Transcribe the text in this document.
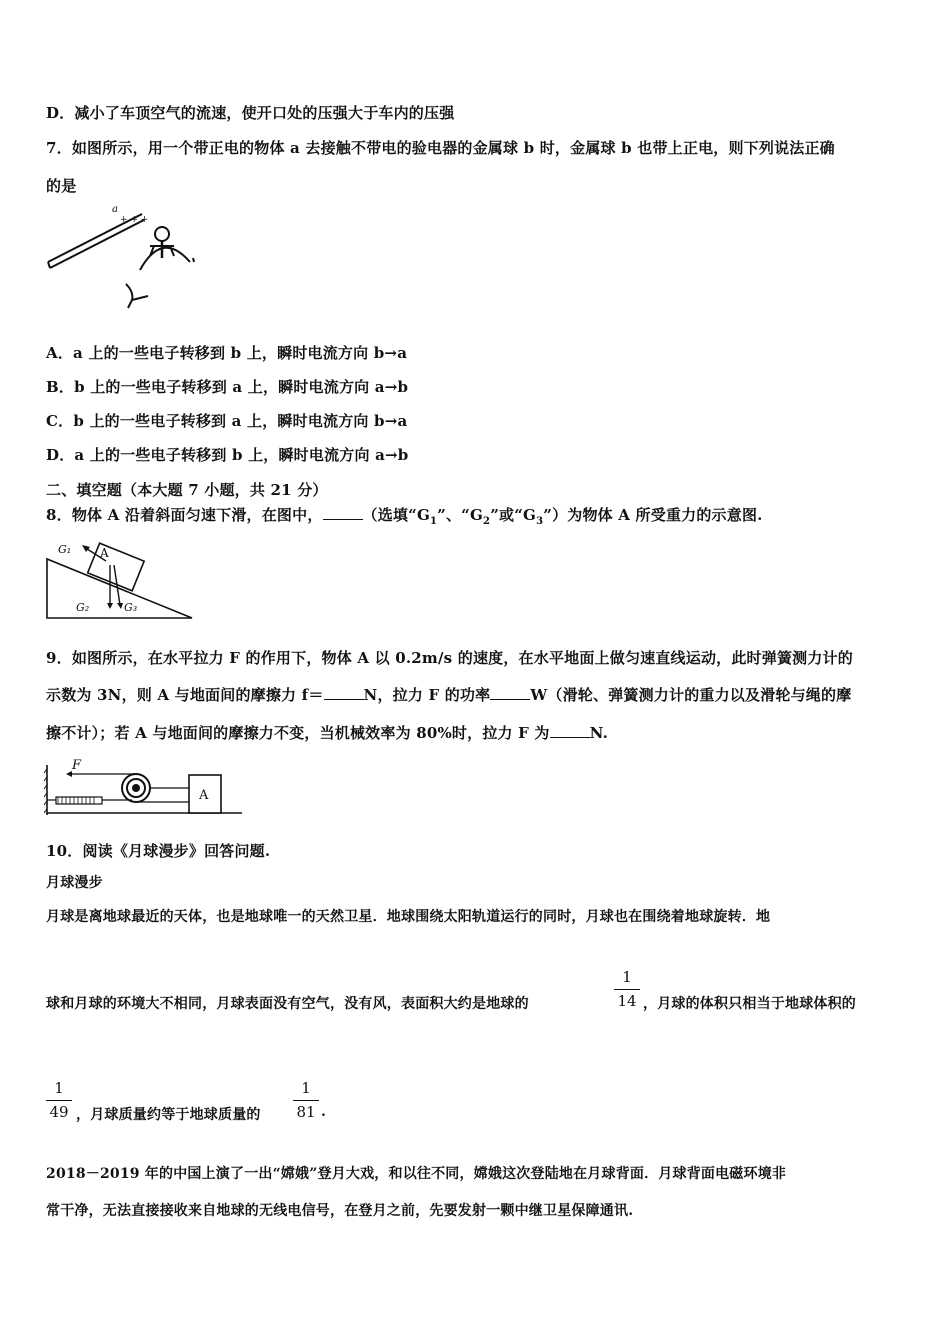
D．减小了车顶空气的流速，使开口处的压强大于车内的压强
7．如图所示，用一个带正电的物体 a 去接触不带电的验电器的金属球 b 时，金属球 b 也带上正电，则下列说法正确
的是
a
+ + +
A．a 上的一些电子转移到 b 上，瞬时电流方向 b→a
B．b 上的一些电子转移到 a 上，瞬时电流方向 a→b
C．b 上的一些电子转移到 a 上，瞬时电流方向 b→a
D．a 上的一些电子转移到 b 上，瞬时电流方向 a→b
二、填空题（本大题 7 小题，共 21 分）
8．物体 A 沿着斜面匀速下滑，在图中，	（选填“$G_1$”、“$G_2$”或“$G_3$”）为物体 A 所受重力的示意图.
A
G₁
G₂	G₃
9．如图所示，在水平拉力 F 的作用下，物体 A 以 0.2m/s 的速度，在水平地面上做匀速直线运动，此时弹簧测力计的
示数为 3N，则 A 与地面间的摩擦力 f＝	N，拉力 F 的功率	W（滑轮、弹簧测力计的重力以及滑轮与绳的摩
擦不计）；若 A 与地面间的摩擦力不变，当机械效率为 80%时，拉力 F 为	N.
F
A
10．阅读《月球漫步》回答问题.
月球漫步
月球是离地球最近的天体，也是地球唯一的天然卫星．地球围绕太阳轨道运行的同时，月球也在围绕着地球旋转．地
球和月球的环境大不相同，月球表面没有空气，没有风，表面积大约是地球的	$\frac{1}{14}$ ，月球的体积只相当于地球体积的
$\frac{1}{49}$ ，月球质量约等于地球质量的 $\frac{1}{81}$ .
2018－2019 年的中国上演了一出“嫦娥”登月大戏，和以往不同，嫦娥这次登陆地在月球背面．月球背面电磁环境非
常干净，无法直接接收来自地球的无线电信号，在登月之前，先要发射一颗中继卫星保障通讯.
